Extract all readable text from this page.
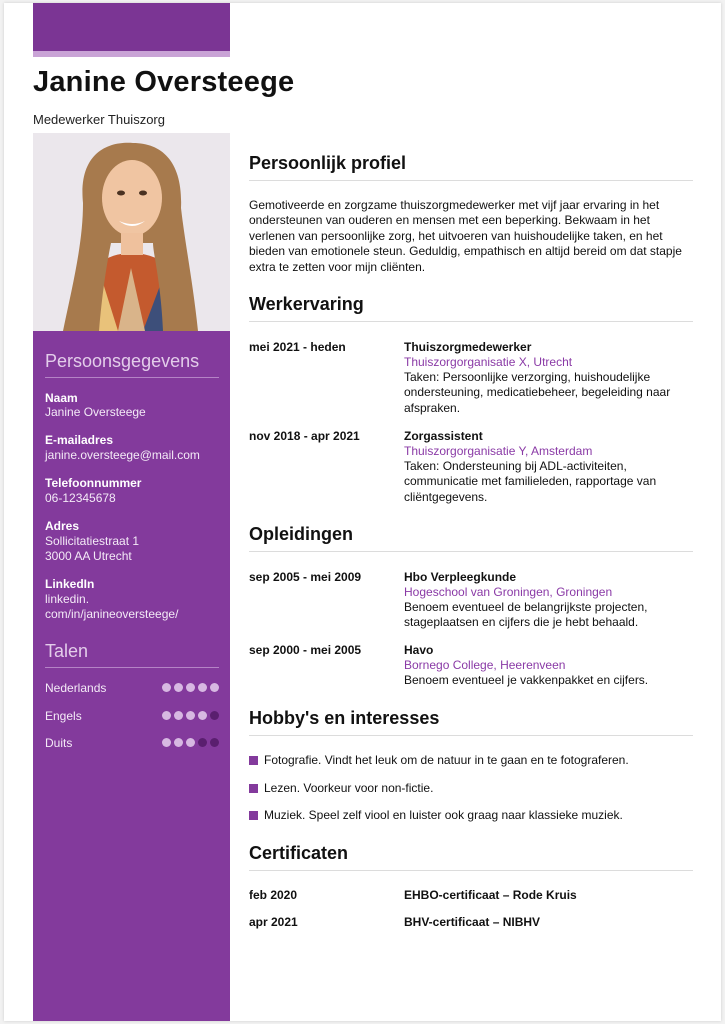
Janine Oversteege
Medewerker Thuiszorg
Persoonsgegevens
Naam
Janine Oversteege
E-mailadres
janine.oversteege@mail.com
Telefoonnummer
06-12345678
Adres
Sollicitatiestraat 1
3000 AA Utrecht
LinkedIn
linkedin.
com/in/janineoversteege/
Talen
Nederlands
Engels
Duits
Persoonlijk profiel
Gemotiveerde en zorgzame thuiszorgmedewerker met vijf jaar ervaring in het ondersteunen van ouderen en mensen met een beperking. Bekwaam in het verlenen van persoonlijke zorg, het uitvoeren van huishoudelijke taken, en het bieden van emotionele steun. Geduldig, empathisch en altijd bereid om dat stapje extra te zetten voor mijn cliënten.
Werkervaring
mei 2021 - heden	Thuiszorgmedewerker
Thuiszorgorganisatie X, Utrecht
Taken: Persoonlijke verzorging, huishoudelijke ondersteuning, medicatiebeheer, begeleiding naar afspraken.
nov 2018 - apr 2021	Zorgassistent
Thuiszorgorganisatie Y, Amsterdam
Taken: Ondersteuning bij ADL-activiteiten, communicatie met familieleden, rapportage van cliëntgegevens.
Opleidingen
sep 2005 - mei 2009	Hbo Verpleegkunde
Hogeschool van Groningen, Groningen
Benoem eventueel de belangrijkste projecten, stageplaatsen en cijfers die je hebt behaald.
sep 2000 - mei 2005	Havo
Bornego College, Heerenveen
Benoem eventueel je vakkenpakket en cijfers.
Hobby's en interesses
Fotografie. Vindt het leuk om de natuur in te gaan en te fotograferen.
Lezen. Voorkeur voor non-fictie.
Muziek. Speel zelf viool en luister ook graag naar klassieke muziek.
Certificaten
feb 2020	EHBO-certificaat – Rode Kruis
apr 2021	BHV-certificaat – NIBHV
